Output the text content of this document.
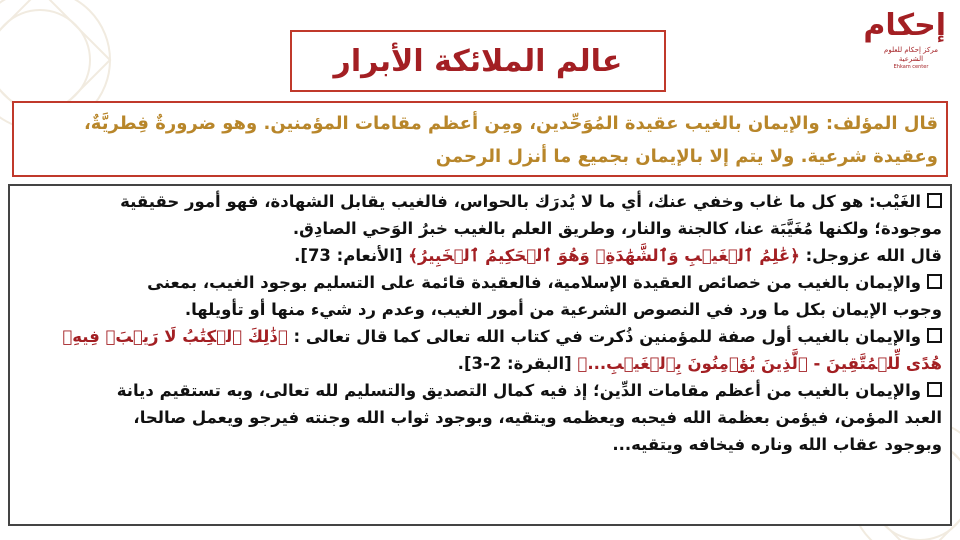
إحكام
مركز إحكام للعلوم الشرعية
Ehkam center
عالم الملائكة الأبرار

قال المؤلف: والإيمان بالغيب عقيدة المُوَحِّدين، ومِن أعظم مقامات المؤمنين. وهو ضرورةٌ فِطريَّةٌ،

وعقيدة شرعية. ولا يتم إلا بالإيمان بجميع ما أنزل الرحمن

الغَيْب: هو كل ما غاب وخفي عنك، أي ما لا يُدرَك بالحواس، فالغيب يقابل الشهادة، فهو أمور حقيقية
موجودة؛ ولكنها مُغَيَّبَة عنا، كالجنة والنار، وطريق العلم بالغيب خبرُ الوَحي الصادِق.

قال الله عزوجل: ﴿عَٰلِمُ ٱلۡغَيۡبِ وَٱلشَّهَٰدَةِۚ وَهُوَ ٱلۡحَكِيمُ ٱلۡخَبِيرُ﴾ [الأنعام: 73].

والإيمان بالغيب من خصائص العقيدة الإسلامية، فالعقيدة قائمة على التسليم بوجود الغيب، بمعنى
وجوب الإيمان بكل ما ورد في النصوص الشرعية من أمور الغيب، وعدم رد شيء منها أو تأويلها.

والإيمان بالغيب أول صفة للمؤمنين ذُكرت في كتاب الله تعالى كما قال تعالى : ﴿ذَٰلِكَ ٱلۡكِتَٰبُ لَا رَيۡبَۛ فِيهِۛ
هُدًى لِّلۡمُتَّقِينَ - ٱلَّذِينَ يُؤۡمِنُونَ بِٱلۡغَيۡبِ...﴾ [البقرة: 2-3].

والإيمان بالغيب من أعظم مقامات الدِّين؛ إذ فيه كمال التصديق والتسليم لله تعالى، وبه تستقيم ديانة
العبد المؤمن، فيؤمن بعظمة الله فيحبه ويعظمه ويتقيه، وبوجود ثواب الله وجنته فيرجو ويعمل صالحا،
وبوجود عقاب الله وناره فيخافه ويتقيه...
